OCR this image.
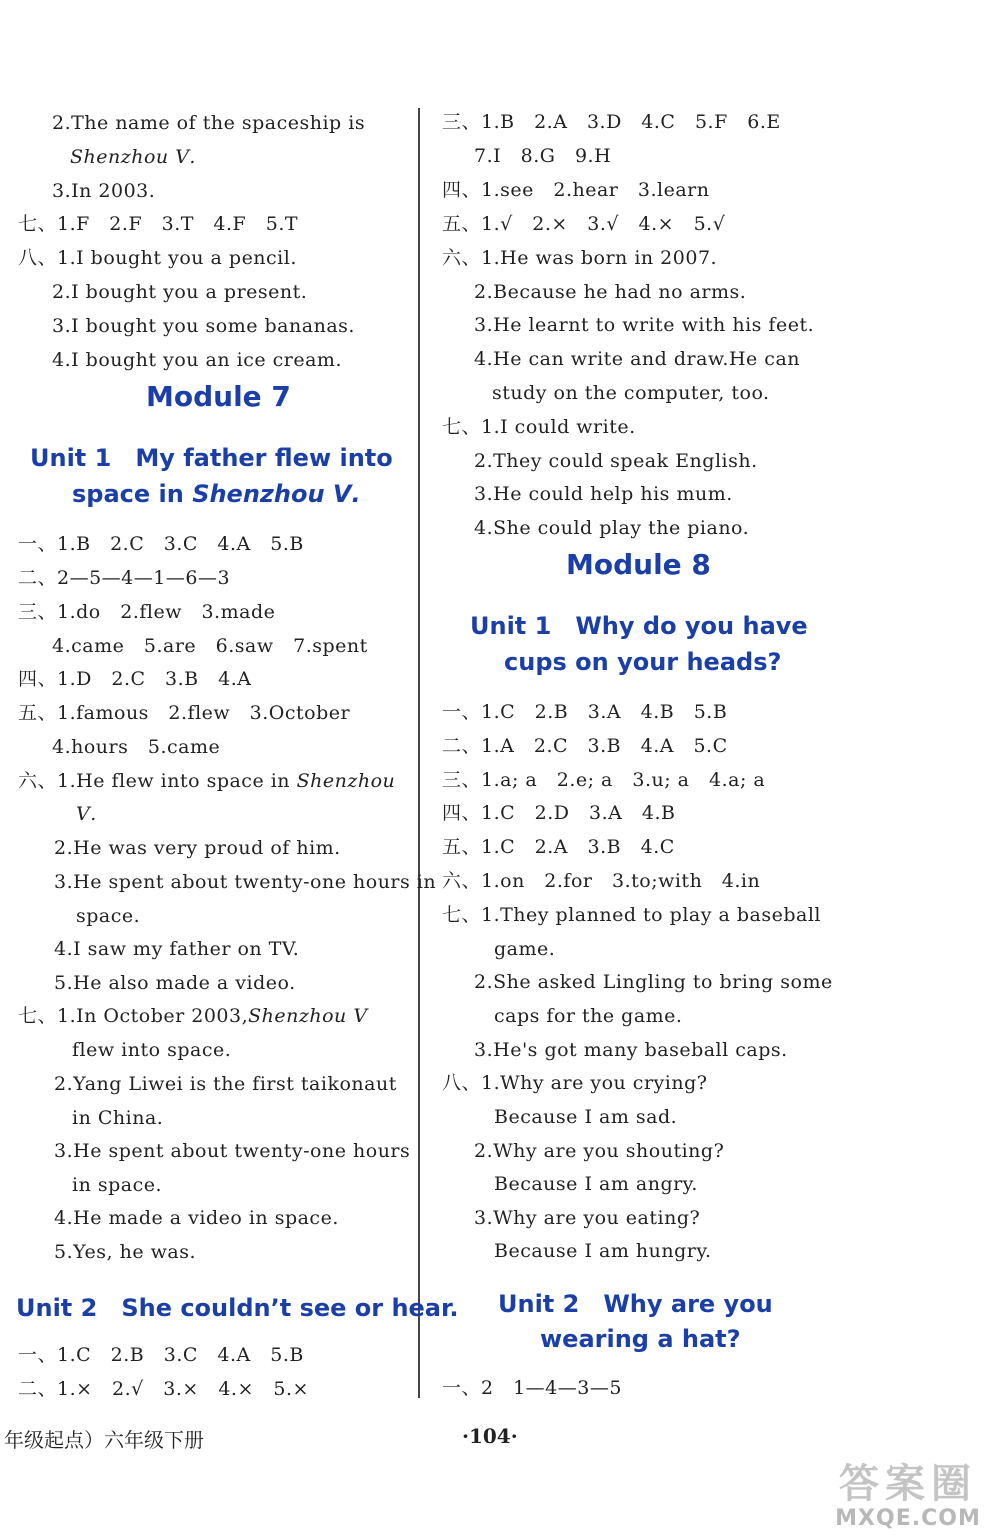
2.The name of the spaceship is
Shenzhou Ⅴ.
3.In 2003.
七、1.F　2.F　3.T　4.F　5.T
八、1.I bought you a pencil.
2.I bought you a present.
3.I bought you some bananas.
4.I bought you an ice cream.
Module 7
Unit 1　My father flew into
space in Shenzhou Ⅴ.
一、1.B　2.C　3.C　4.A　5.B
二、2—5—4—1—6—3
三、1.do　2.flew　3.made
4.came　5.are　6.saw　7.spent
四、1.D　2.C　3.B　4.A
五、1.famous　2.flew　3.October
4.hours　5.came
六、1.He flew into space in Shenzhou
Ⅴ.
2.He was very proud of him.
3.He spent about twenty-one hours in
space.
4.I saw my father on TV.
5.He also made a video.
七、1.In October 2003,Shenzhou Ⅴ
flew into space.
2.Yang Liwei is the first taikonaut
in China.
3.He spent about twenty-one hours
in space.
4.He made a video in space.
5.Yes, he was.
Unit 2　She couldn’t see or hear.
一、1.C　2.B　3.C　4.A　5.B
二、1.×　2.√　3.×　4.×　5.×
三、1.B　2.A　3.D　4.C　5.F　6.E
7.I　8.G　9.H
四、1.see　2.hear　3.learn
五、1.√　2.×　3.√　4.×　5.√
六、1.He was born in 2007.
2.Because he had no arms.
3.He learnt to write with his feet.
4.He can write and draw.He can
study on the computer, too.
七、1.I could write.
2.They could speak English.
3.He could help his mum.
4.She could play the piano.
Module 8
Unit 1　Why do you have
cups on your heads?
一、1.C　2.B　3.A　4.B　5.B
二、1.A　2.C　3.B　4.A　5.C
三、1.a; a　2.e; a　3.u; a　4.a; a
四、1.C　2.D　3.A　4.B
五、1.C　2.A　3.B　4.C
六、1.on　2.for　3.to;with　4.in
七、1.They planned to play a baseball
game.
2.She asked Lingling to bring some
caps for the game.
3.He's got many baseball caps.
八、1.Why are you crying?
Because I am sad.
2.Why are you shouting?
Because I am angry.
3.Why are you eating?
Because I am hungry.
Unit 2　Why are you
wearing a hat?
一、2　1—4—3—5
年级起点）六年级下册	·104·
答案圈
MXQE.COM
